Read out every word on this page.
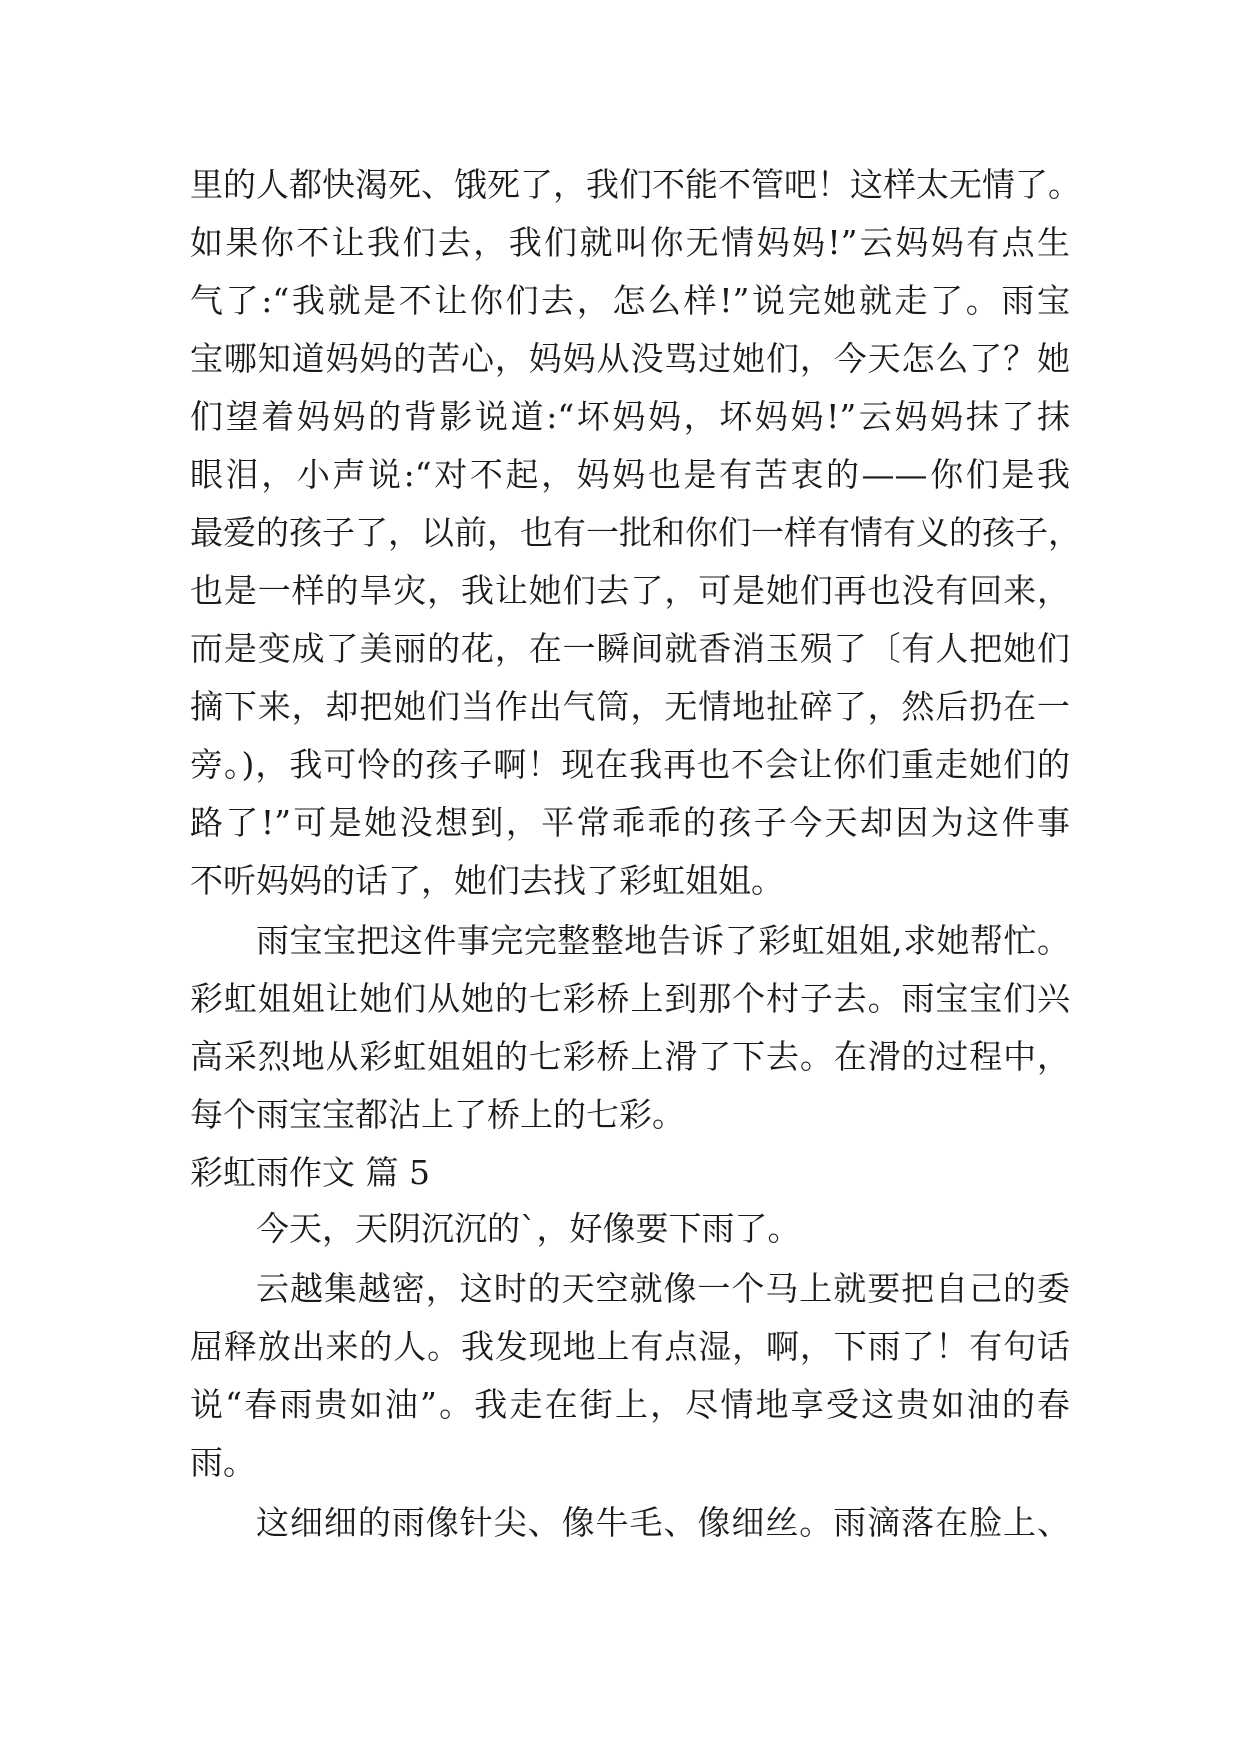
里的人都快渴死、饿死了，我们不能不管吧！这样太无情了。
如果你不让我们去，我们就叫你无情妈妈!”云妈妈有点生
气了:“我就是不让你们去，怎么样!”说完她就走了。雨宝
宝哪知道妈妈的苦心，妈妈从没骂过她们，今天怎么了？她
们望着妈妈的背影说道:“坏妈妈，坏妈妈!”云妈妈抹了抹
眼泪，小声说:“对不起，妈妈也是有苦衷的——你们是我
最爱的孩子了，以前，也有一批和你们一样有情有义的孩子，
也是一样的旱灾，我让她们去了，可是她们再也没有回来，
而是变成了美丽的花，在一瞬间就香消玉殒了〔有人把她们
摘下来，却把她们当作出气筒，无情地扯碎了，然后扔在一
旁。)，我可怜的孩子啊！现在我再也不会让你们重走她们的
路了!”可是她没想到，平常乖乖的孩子今天却因为这件事
不听妈妈的话了，她们去找了彩虹姐姐。
雨宝宝把这件事完完整整地告诉了彩虹姐姐,求她帮忙。
彩虹姐姐让她们从她的七彩桥上到那个村子去。雨宝宝们兴
高采烈地从彩虹姐姐的七彩桥上滑了下去。在滑的过程中，
每个雨宝宝都沾上了桥上的七彩。
彩虹雨作文 篇 5
今天，天阴沉沉的`，好像要下雨了。
云越集越密，这时的天空就像一个马上就要把自己的委
屈释放出来的人。我发现地上有点湿，啊，下雨了！有句话
说“春雨贵如油”。我走在街上，尽情地享受这贵如油的春
雨。
这细细的雨像针尖、像牛毛、像细丝。雨滴落在脸上、
